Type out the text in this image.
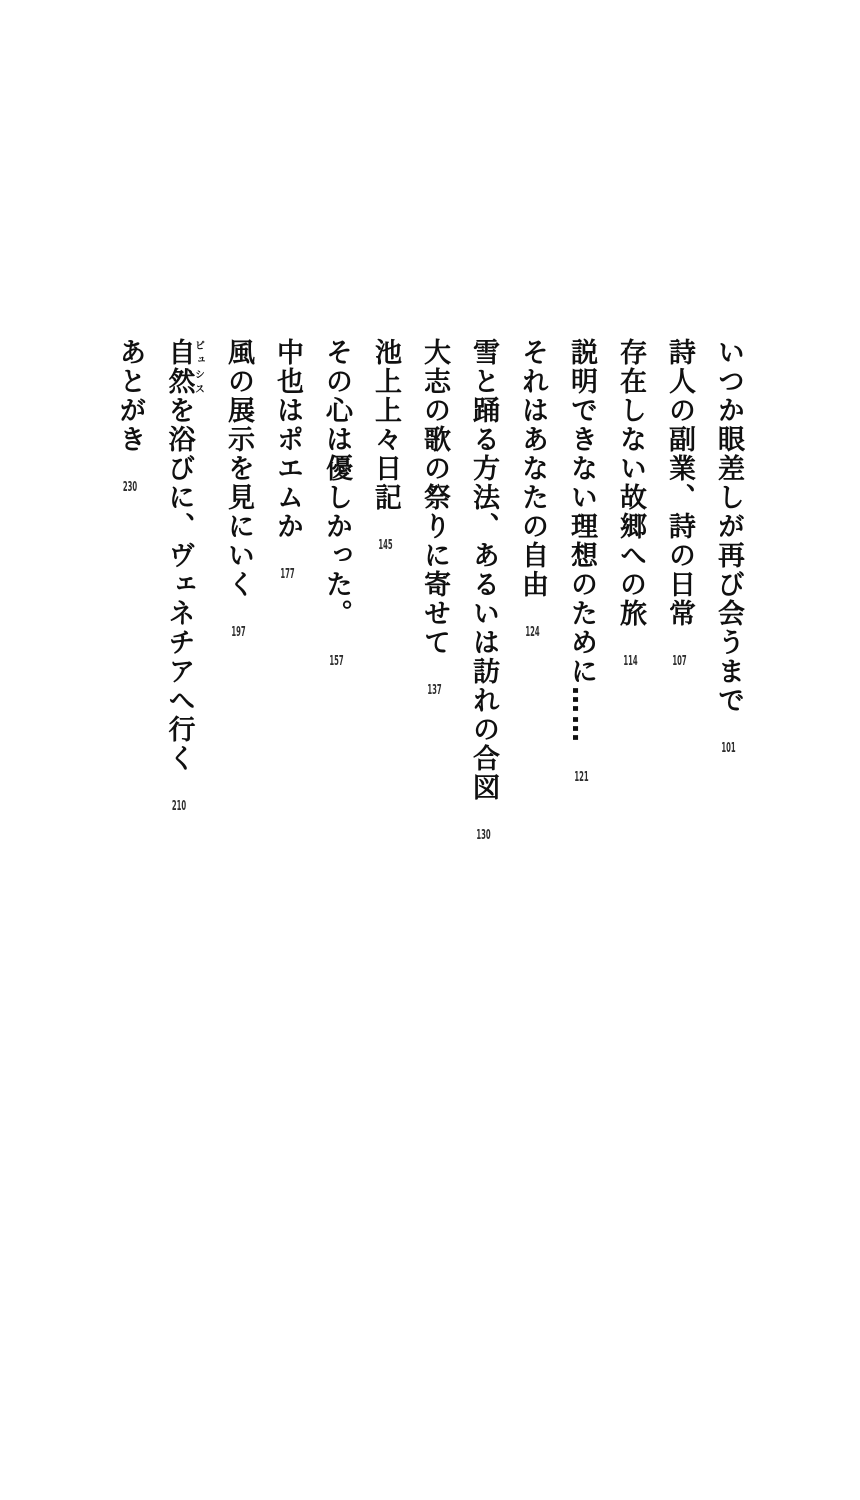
いつか眼差しが再び会うまで101
詩人の副業、詩の日常107
存在しない故郷への旅114
説明できない理想のために……121
それはあなたの自由124
雪と踊る方法、あるいは訪れの合図130
大志の歌の祭りに寄せて137
池上上々日記145
その心は優しかった。157
中也はポエムか177
風の展示を見にいく197
自然ピュシスを浴びに、ヴェネチアへ行く210
あとがき230
